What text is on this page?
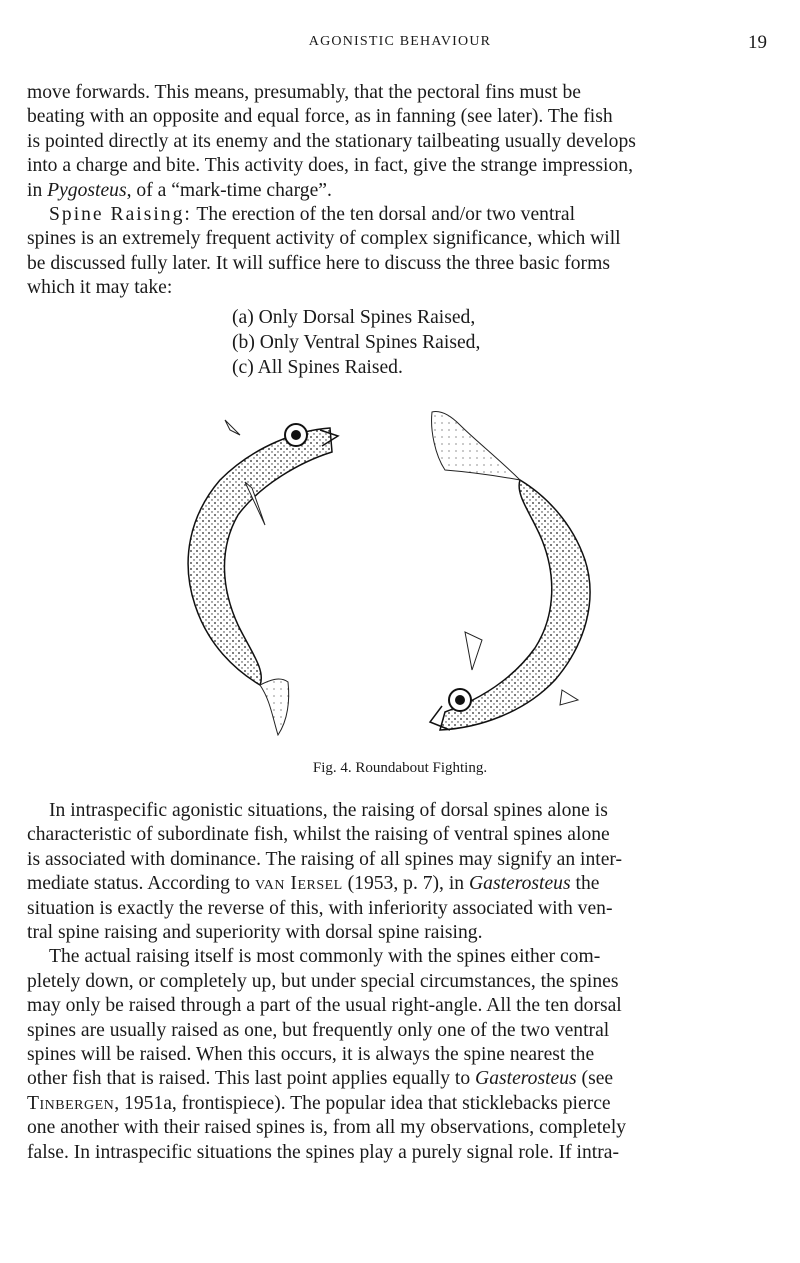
AGONISTIC BEHAVIOUR	19

move forwards. This means, presumably, that the pectoral fins must be

beating with an opposite and equal force, as in fanning (see later). The fish

is pointed directly at its enemy and the stationary tailbeating usually develops

into a charge and bite. This activity does, in fact, give the strange impression,

in Pygosteus, of a “mark-time charge”.

Spine Raising: The erection of the ten dorsal and/or two ventral

spines is an extremely frequent activity of complex significance, which will

be discussed fully later. It will suffice here to discuss the three basic forms

which it may take:

(a) Only Dorsal Spines Raised,
(b) Only Ventral Spines Raised,
(c) All Spines Raised.
Fig. 4. Roundabout Fighting.

In intraspecific agonistic situations, the raising of dorsal spines alone is

characteristic of subordinate fish, whilst the raising of ventral spines alone

is associated with dominance. The raising of all spines may signify an inter-

mediate status. According to van Iersel (1953, p. 7), in Gasterosteus the

situation is exactly the reverse of this, with inferiority associated with ven-

tral spine raising and superiority with dorsal spine raising.

The actual raising itself is most commonly with the spines either com-

pletely down, or completely up, but under special circumstances, the spines

may only be raised through a part of the usual right-angle. All the ten dorsal

spines are usually raised as one, but frequently only one of the two ventral

spines will be raised. When this occurs, it is always the spine nearest the

other fish that is raised. This last point applies equally to Gasterosteus (see

Tinbergen, 1951a, frontispiece). The popular idea that sticklebacks pierce

one another with their raised spines is, from all my observations, completely

false. In intraspecific situations the spines play a purely signal role. If intra-
